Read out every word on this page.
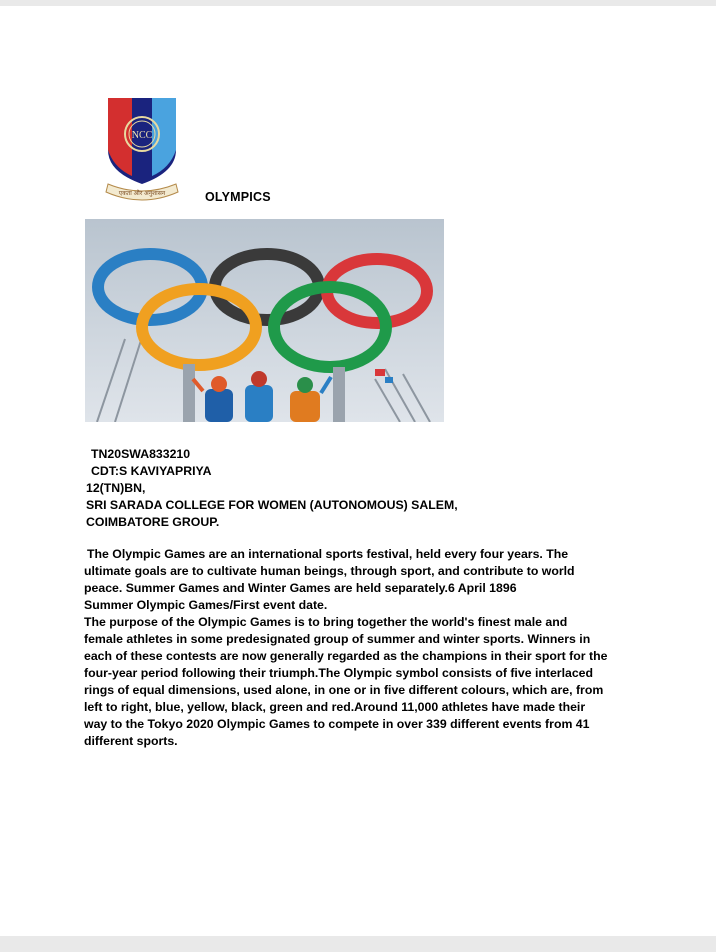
NCC
एकता और अनुशासन	OLYMPICS
TN20SWA833210
CDT:S KAVIYAPRIYA
12(TN)BN,
SRI SARADA COLLEGE FOR WOMEN (AUTONOMOUS) SALEM,
COIMBATORE GROUP.

The Olympic Games are an international sports festival, held every four years. The
ultimate goals are to cultivate human beings, through sport, and contribute to world
peace. Summer Games and Winter Games are held separately.6 April 1896
Summer Olympic Games/First event date.

The purpose of the Olympic Games is to bring together the world's finest male and
female athletes in some predesignated group of summer and winter sports. Winners in
each of these contests are now generally regarded as the champions in their sport for the
four-year period following their triumph.The Olympic symbol consists of five interlaced
rings of equal dimensions, used alone, in one or in five different colours, which are, from
left to right, blue, yellow, black, green and red.Around 11,000 athletes have made their
way to the Tokyo 2020 Olympic Games to compete in over 339 different events from 41
different sports.
